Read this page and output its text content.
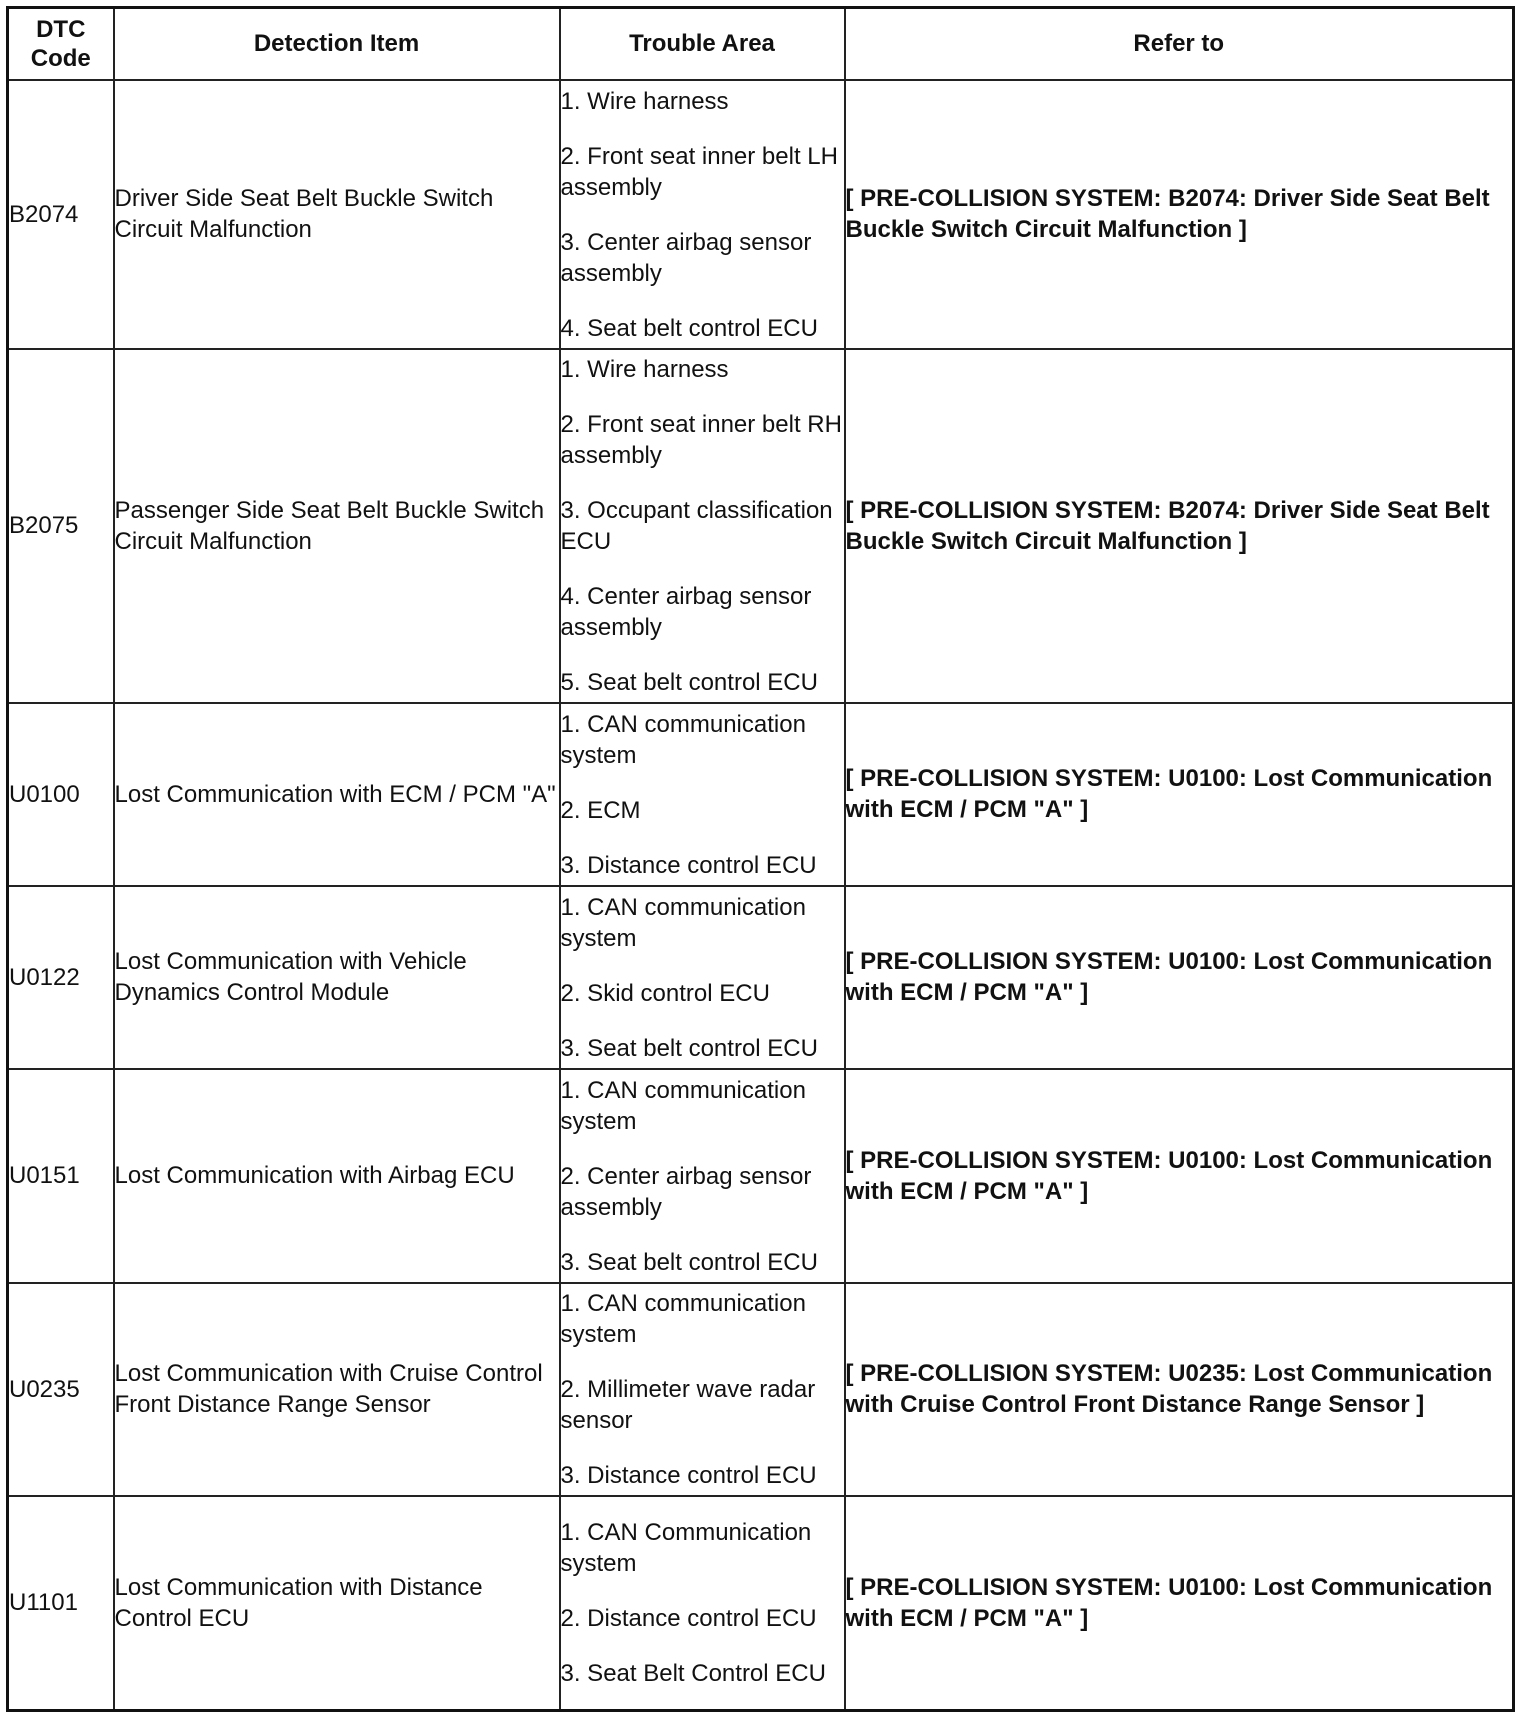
DTC Code	Detection Item	Trouble Area	Refer to
B2074	Driver Side Seat Belt Buckle Switch Circuit Malfunction	1. Wire harness
2. Front seat inner belt LH assembly
3. Center airbag sensor assembly
4. Seat belt control ECU	[ PRE-COLLISION SYSTEM: B2074: Driver Side Seat Belt Buckle Switch Circuit Malfunction ]
B2075	Passenger Side Seat Belt Buckle Switch Circuit Malfunction	1. Wire harness
2. Front seat inner belt RH assembly
3. Occupant classification ECU
4. Center airbag sensor assembly
5. Seat belt control ECU	[ PRE-COLLISION SYSTEM: B2074: Driver Side Seat Belt Buckle Switch Circuit Malfunction ]
U0100	Lost Communication with ECM / PCM "A"	1. CAN communication system
2. ECM
3. Distance control ECU	[ PRE-COLLISION SYSTEM: U0100: Lost Communication with ECM / PCM "A" ]
U0122	Lost Communication with Vehicle Dynamics Control Module	1. CAN communication system
2. Skid control ECU
3. Seat belt control ECU	[ PRE-COLLISION SYSTEM: U0100: Lost Communication with ECM / PCM "A" ]
U0151	Lost Communication with Airbag ECU	1. CAN communication system
2. Center airbag sensor assembly
3. Seat belt control ECU	[ PRE-COLLISION SYSTEM: U0100: Lost Communication with ECM / PCM "A" ]
U0235	Lost Communication with Cruise Control Front Distance Range Sensor	1. CAN communication system
2. Millimeter wave radar sensor
3. Distance control ECU	[ PRE-COLLISION SYSTEM: U0235: Lost Communication with Cruise Control Front Distance Range Sensor ]
U1101	Lost Communication with Distance Control ECU	1. CAN Communication system
2. Distance control ECU
3. Seat Belt Control ECU	[ PRE-COLLISION SYSTEM: U0100: Lost Communication with ECM / PCM "A" ]
